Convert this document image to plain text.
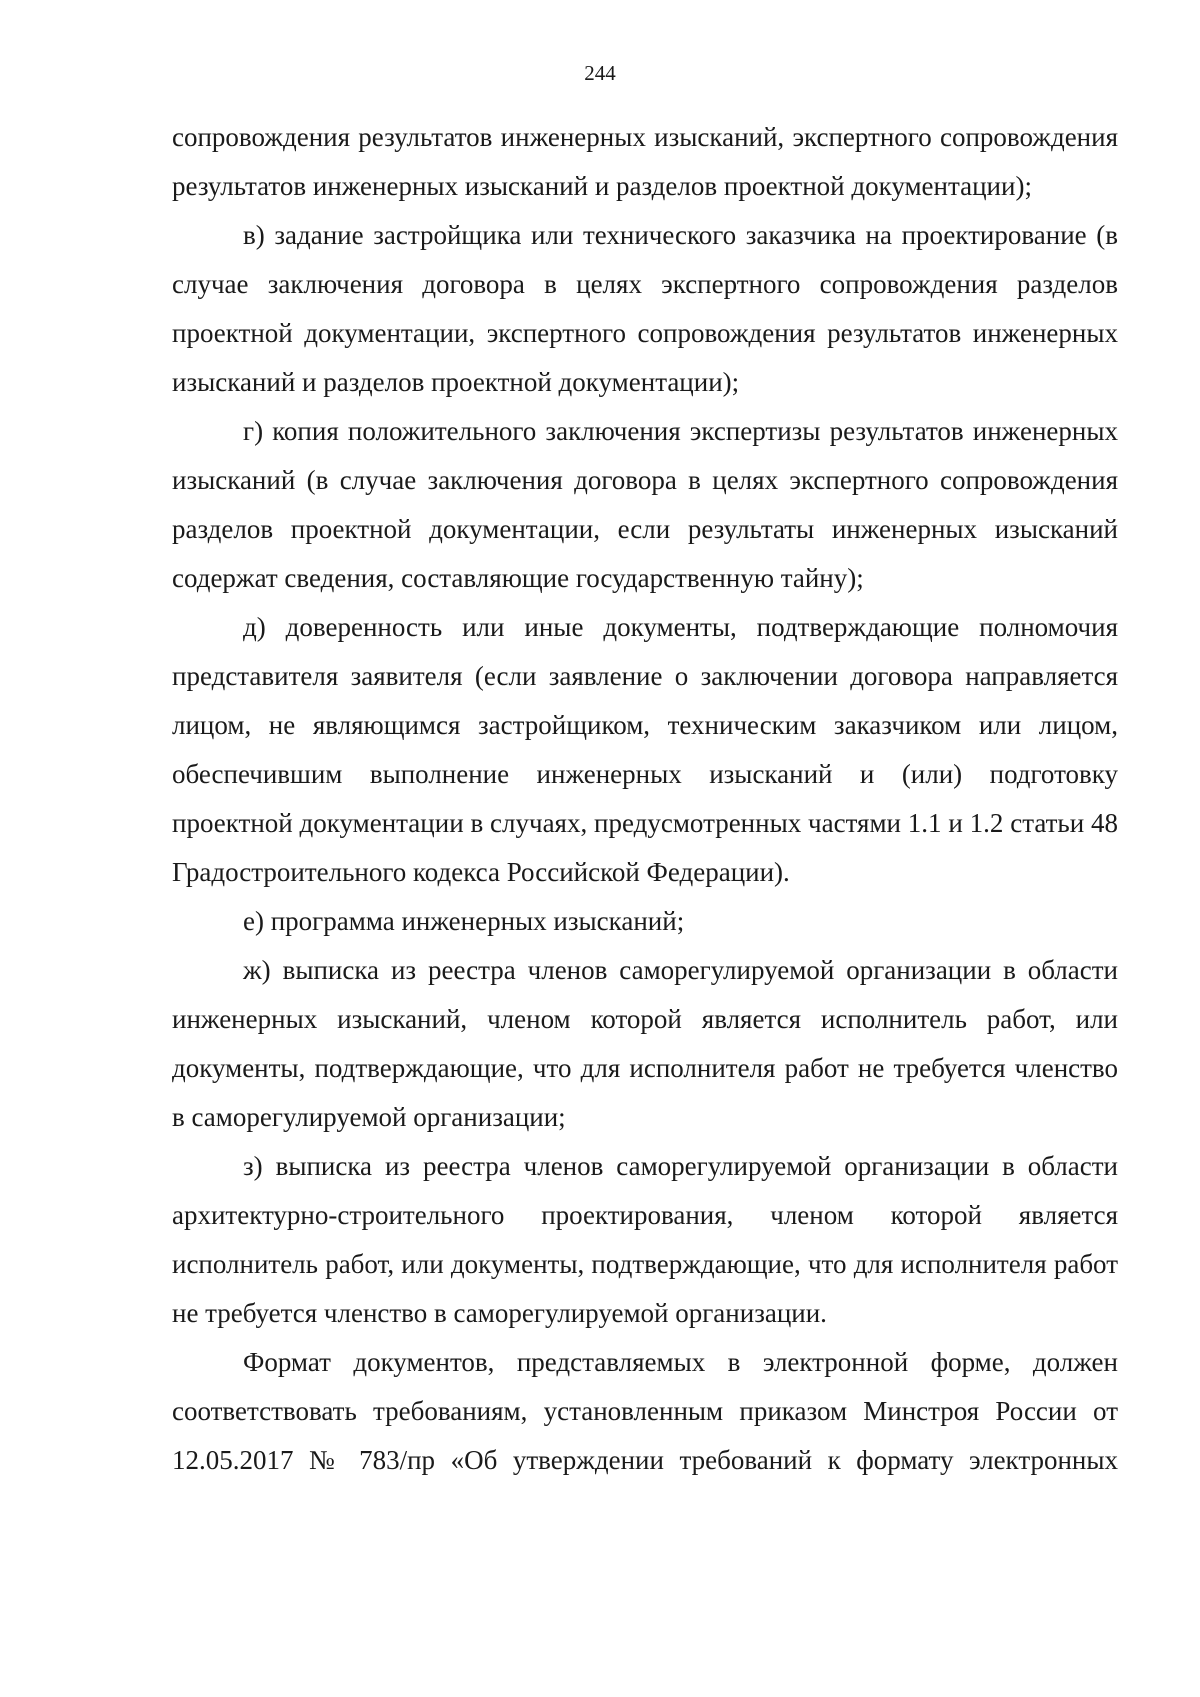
244

сопровождения результатов инженерных изысканий, экспертного сопровождения результатов инженерных изысканий и разделов проектной документации);

в) задание застройщика или технического заказчика на проектирование (в случае заключения договора в целях экспертного сопровождения разделов проектной документации, экспертного сопровождения результатов инженерных изысканий и разделов проектной документации);

г) копия положительного заключения экспертизы результатов инженерных изысканий (в случае заключения договора в целях экспертного сопровождения разделов проектной документации, если результаты инженерных изысканий содержат сведения, составляющие государственную тайну);

д) доверенность или иные документы, подтверждающие полномочия представителя заявителя (если заявление о заключении договора направляется лицом, не являющимся застройщиком, техническим заказчиком или лицом, обеспечившим выполнение инженерных изысканий и (или) подготовку проектной документации в случаях, предусмотренных частями 1.1 и 1.2 статьи 48 Градостроительного кодекса Российской Федерации).

е) программа инженерных изысканий;

ж) выписка из реестра членов саморегулируемой организации в области инженерных изысканий, членом которой является исполнитель работ, или документы, подтверждающие, что для исполнителя работ не требуется членство в саморегулируемой организации;

з) выписка из реестра членов саморегулируемой организации в области архитектурно-строительного проектирования, членом которой является исполнитель работ, или документы, подтверждающие, что для исполнителя работ не требуется членство в саморегулируемой организации.

Формат документов, представляемых в электронной форме, должен соответствовать требованиям, установленным приказом Минстроя России от 12.05.2017 № 783/пр «Об утверждении требований к формату электронных
